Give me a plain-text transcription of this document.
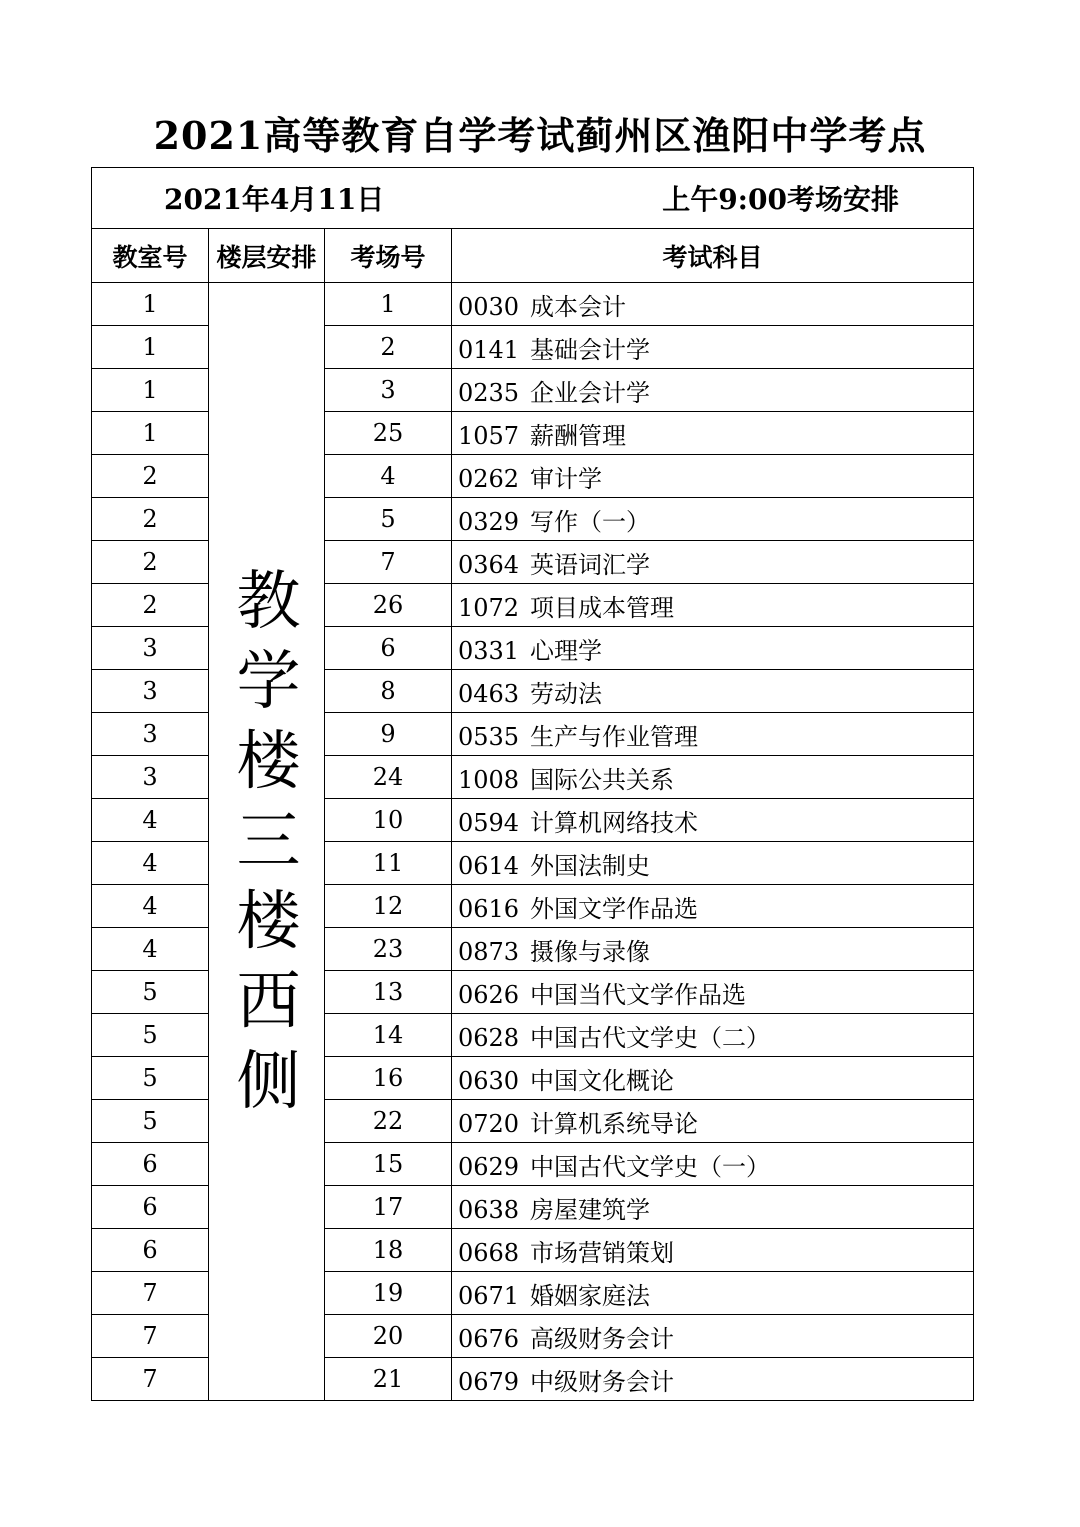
2021高等教育自学考试蓟州区渔阳中学考点
2021年4月11日 上午9:00考场安排			

教室号	楼层安排	考场号	考试科目
1	教学楼三楼西侧	1	0030 成本会计
1		2	0141 基础会计学
1		3	0235 企业会计学
1		25	1057 薪酬管理
2		4	0262 审计学
2		5	0329 写作（一）
2		7	0364 英语词汇学
2		26	1072 项目成本管理
3		6	0331 心理学
3		8	0463 劳动法
3		9	0535 生产与作业管理
3		24	1008 国际公共关系
4		10	0594 计算机网络技术
4		11	0614 外国法制史
4		12	0616 外国文学作品选
4		23	0873 摄像与录像
5		13	0626 中国当代文学作品选
5		14	0628 中国古代文学史（二）
5		16	0630 中国文化概论
5		22	0720 计算机系统导论
6		15	0629 中国古代文学史（一）
6		17	0638 房屋建筑学
6		18	0668 市场营销策划
7		19	0671 婚姻家庭法
7		20	0676 高级财务会计
7		21	0679 中级财务会计
